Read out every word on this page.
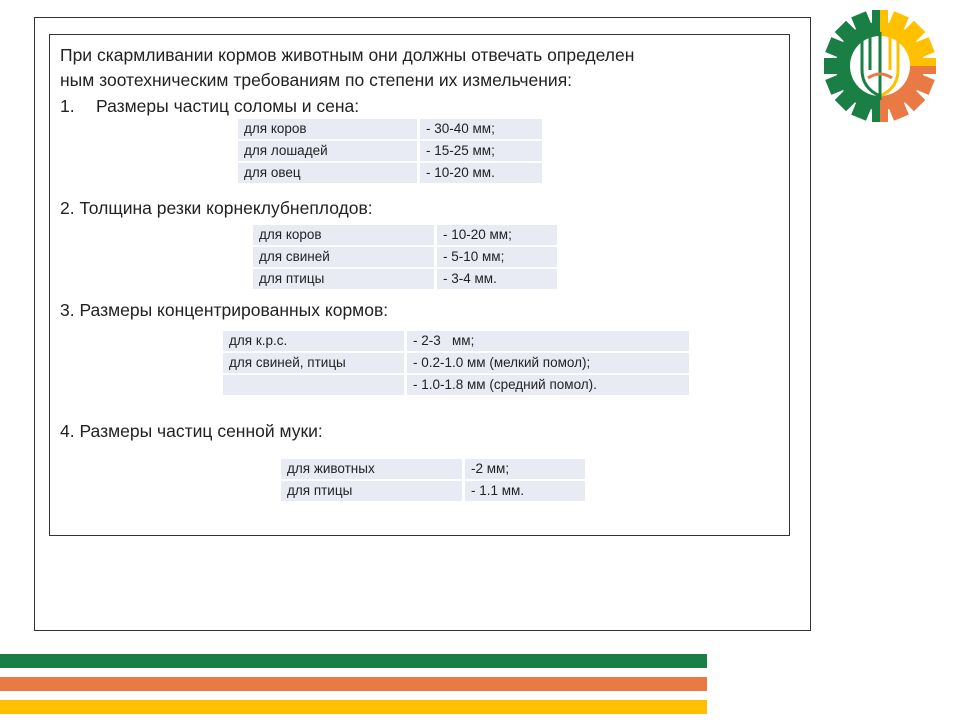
При скармливании кормов животным они должны отвечать определен
ным зоотехническим требованиям по степени их измельчения:
1. Размеры частиц соломы и сена:
для коров	- 30-40 мм;
для лошадей	- 15-25 мм;
для овец	- 10-20 мм.
2. Толщина резки корнеклубнеплодов:
для коров	- 10-20 мм;
для свиней	- 5-10 мм;
для птицы	- 3-4 мм.
3. Размеры концентрированных кормов:
для к.р.с.	- 2-3   мм;
для свиней, птицы	- 0.2-1.0 мм (мелкий помол);
	- 1.0-1.8 мм (средний помол).
4. Размеры частиц сенной муки:
для животных	-2 мм;
для птицы	- 1.1 мм.
